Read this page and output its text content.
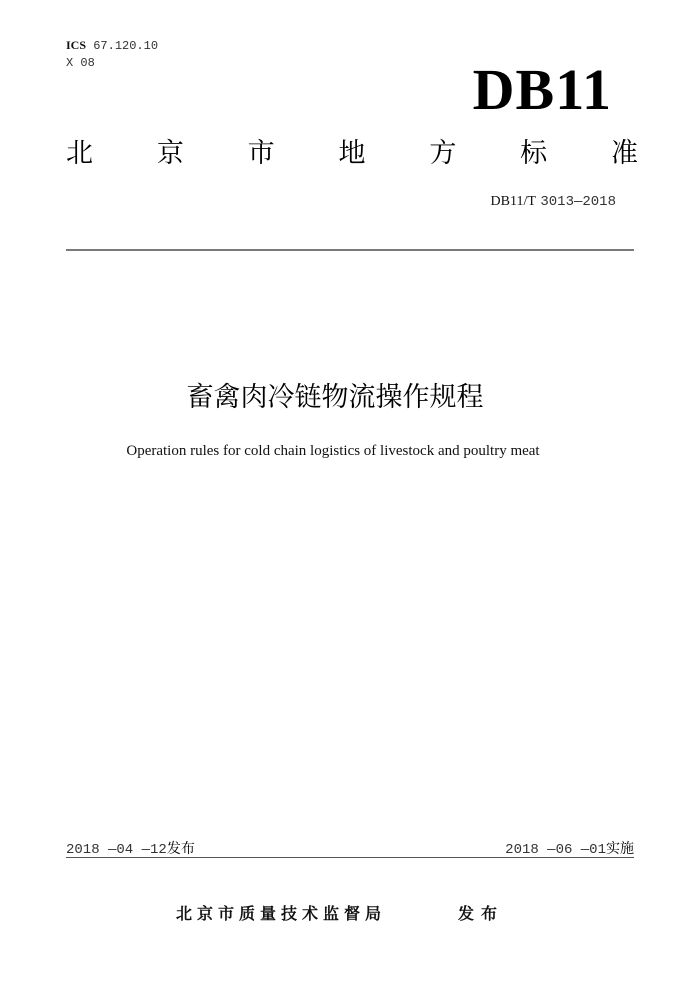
ICS 67.120.10
X 08	DB11
北 京 市 地 方 标 准
DB11/T 3013—2018
畜禽肉冷链物流操作规程
Operation rules for cold chain logistics of livestock and poultry meat
2018 —04 —12发布	2018 —06 —01实施
北京市质量技术监督局	发布
